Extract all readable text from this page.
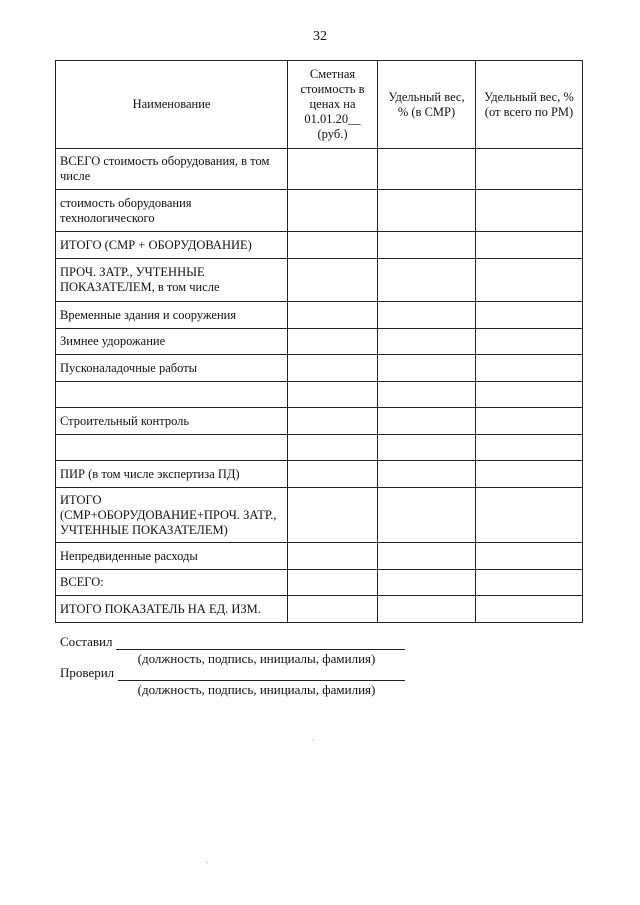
32
Наименование	Сметная стоимость в ценах на 01.01.20__ (руб.)	Удельный вес, % (в СМР)	Удельный вес, % (от всего по РМ)
ВСЕГО стоимость оборудования, в том числе			
стоимость оборудования технологического			
ИТОГО (СМР + ОБОРУДОВАНИЕ)			
ПРОЧ. ЗАТР., УЧТЕННЫЕ ПОКАЗАТЕЛЕМ, в том числе			
Временные здания и сооружения			
Зимнее удорожание			
Пусконаладочные работы			

Строительный контроль			

ПИР (в том числе экспертиза ПД)			
ИТОГО (СМР+ОБОРУДОВАНИЕ+ПРОЧ. ЗАТР., УЧТЕННЫЕ ПОКАЗАТЕЛЕМ)			
Непредвиденные расходы			
ВСЕГО:			
ИТОГО ПОКАЗАТЕЛЬ НА ЕД. ИЗМ.			
Составил
(должность, подпись, инициалы, фамилия)
Проверил
(должность, подпись, инициалы, фамилия)
